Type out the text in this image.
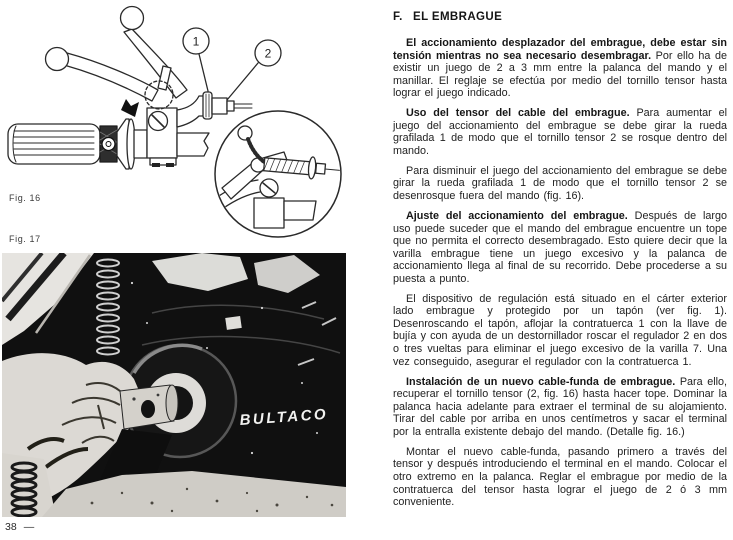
1
2
Fig. 16
Fig. 17
BULTACO
38 —
F. EL EMBRAGUE

El accionamiento desplazador del embrague, debe estar sin tensión mientras no sea necesario desembragar. Por ello ha de existir un juego de 2 a 3 mm entre la palanca del mando y el manillar. El reglaje se efectúa por medio del tornillo tensor hasta lograr el juego indicado.

Uso del tensor del cable del embrague. Para aumentar el juego del accionamiento del embrague se debe girar la rueda grafilada 1 de modo que el tornillo tensor 2 se rosque dentro del mando.

Para disminuir el juego del accionamiento del embrague se debe girar la rueda grafilada 1 de modo que el tornillo tensor 2 se desenrosque fuera del mando (fig. 16).

Ajuste del accionamiento del embrague. Después de largo uso puede suceder que el mando del embrague encuentre un tope que no permita el correcto desembragado. Esto quiere decir que la varilla embrague tiene un juego excesivo y la palanca de accionamiento llega al final de su recorrido. Debe procederse a su puesta a punto.

El dispositivo de regulación está situado en el cárter exterior lado embrague y protegido por un tapón (ver fig. 1). Desenroscando el tapón, aflojar la contratuerca 1 con la llave de bujía y con ayuda de un destornillador roscar el regulador 2 en dos o tres vueltas para eliminar el juego excesivo de la varilla 7. Una vez conseguido, asegurar el regulador con la contratuerca 1.

Instalación de un nuevo cable-funda de embrague. Para ello, recuperar el tornillo tensor (2, fig. 16) hasta hacer tope. Dominar la palanca hacia adelante para extraer el terminal de su alojamiento. Tirar del cable por arriba en unos centímetros y sacar el terminal por la entralla existente debajo del mando. (Detalle fig. 16.)

Montar el nuevo cable-funda, pasando primero a través del tensor y después introduciendo el terminal en el mando. Colocar el otro extremo en la palanca. Reglar el embrague por medio de la contratuerca del tensor hasta lograr el juego de 2 ó 3 mm conveniente.
